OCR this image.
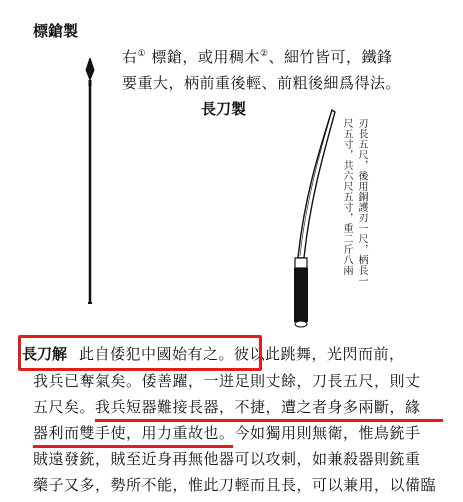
標鎗製
右① 標鎗，或用稠木②、細竹皆可，鐵鋒
要重大，柄前重後輕、前粗後細爲得法。
長刀製
刃長五尺，後用銅護刃一尺，柄長一
尺五寸，共六尺五寸，重二斤八兩
長刀解 此自倭犯中國始有之。彼以此跳舞，光閃而前，
我兵已奪氣矣。倭善躍，一迸足則丈餘，刀長五尺，則丈
五尺矣。我兵短器難接長器，不捷，遭之者身多兩斷，緣
器利而雙手使，用力重故也。今如獨用則無衛，惟鳥銃手
賊遠發銃，賊至近身再無他器可以攻刺，如兼殺器則銃重
藥子又多，勢所不能，惟此刀輕而且長，可以兼用，以備臨
